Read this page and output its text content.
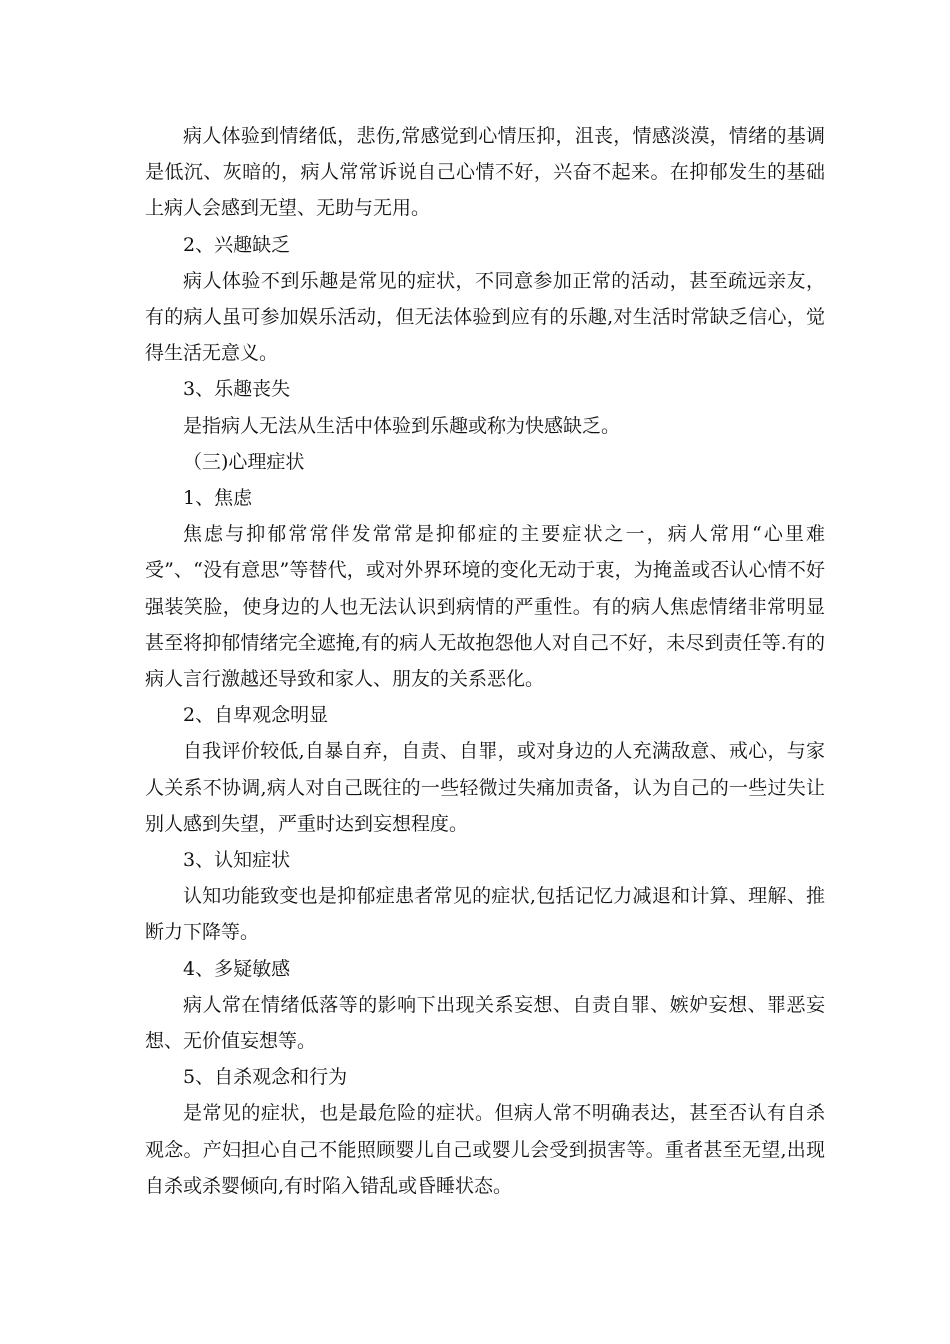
病人体验到情绪低，悲伤,常感觉到心情压抑，沮丧，情感淡漠，情绪的基调是低沉、灰暗的，病人常常诉说自己心情不好，兴奋不起来。在抑郁发生的基础上病人会感到无望、无助与无用。

2、兴趣缺乏

病人体验不到乐趣是常见的症状，不同意参加正常的活动，甚至疏远亲友，有的病人虽可参加娱乐活动，但无法体验到应有的乐趣,对生活时常缺乏信心，觉得生活无意义。

3、乐趣丧失

是指病人无法从生活中体验到乐趣或称为快感缺乏。

（三)心理症状

1、焦虑

焦虑与抑郁常常伴发常常是抑郁症的主要症状之一，病人常用“心里难受”、“没有意思”等替代，或对外界环境的变化无动于衷，为掩盖或否认心情不好强装笑脸，使身边的人也无法认识到病情的严重性。有的病人焦虑情绪非常明显甚至将抑郁情绪完全遮掩,有的病人无故抱怨他人对自己不好，未尽到责任等.有的病人言行激越还导致和家人、朋友的关系恶化。

2、自卑观念明显

自我评价较低,自暴自弃，自责、自罪，或对身边的人充满敌意、戒心，与家人关系不协调,病人对自己既往的一些轻微过失痛加责备，认为自己的一些过失让别人感到失望，严重时达到妄想程度。

3、认知症状

认知功能致变也是抑郁症患者常见的症状,包括记忆力减退和计算、理解、推断力下降等。

4、多疑敏感

病人常在情绪低落等的影响下出现关系妄想、自责自罪、嫉妒妄想、罪恶妄想、无价值妄想等。

5、自杀观念和行为

是常见的症状，也是最危险的症状。但病人常不明确表达，甚至否认有自杀观念。产妇担心自己不能照顾婴儿自己或婴儿会受到损害等。重者甚至无望,出现自杀或杀婴倾向,有时陷入错乱或昏睡状态。
